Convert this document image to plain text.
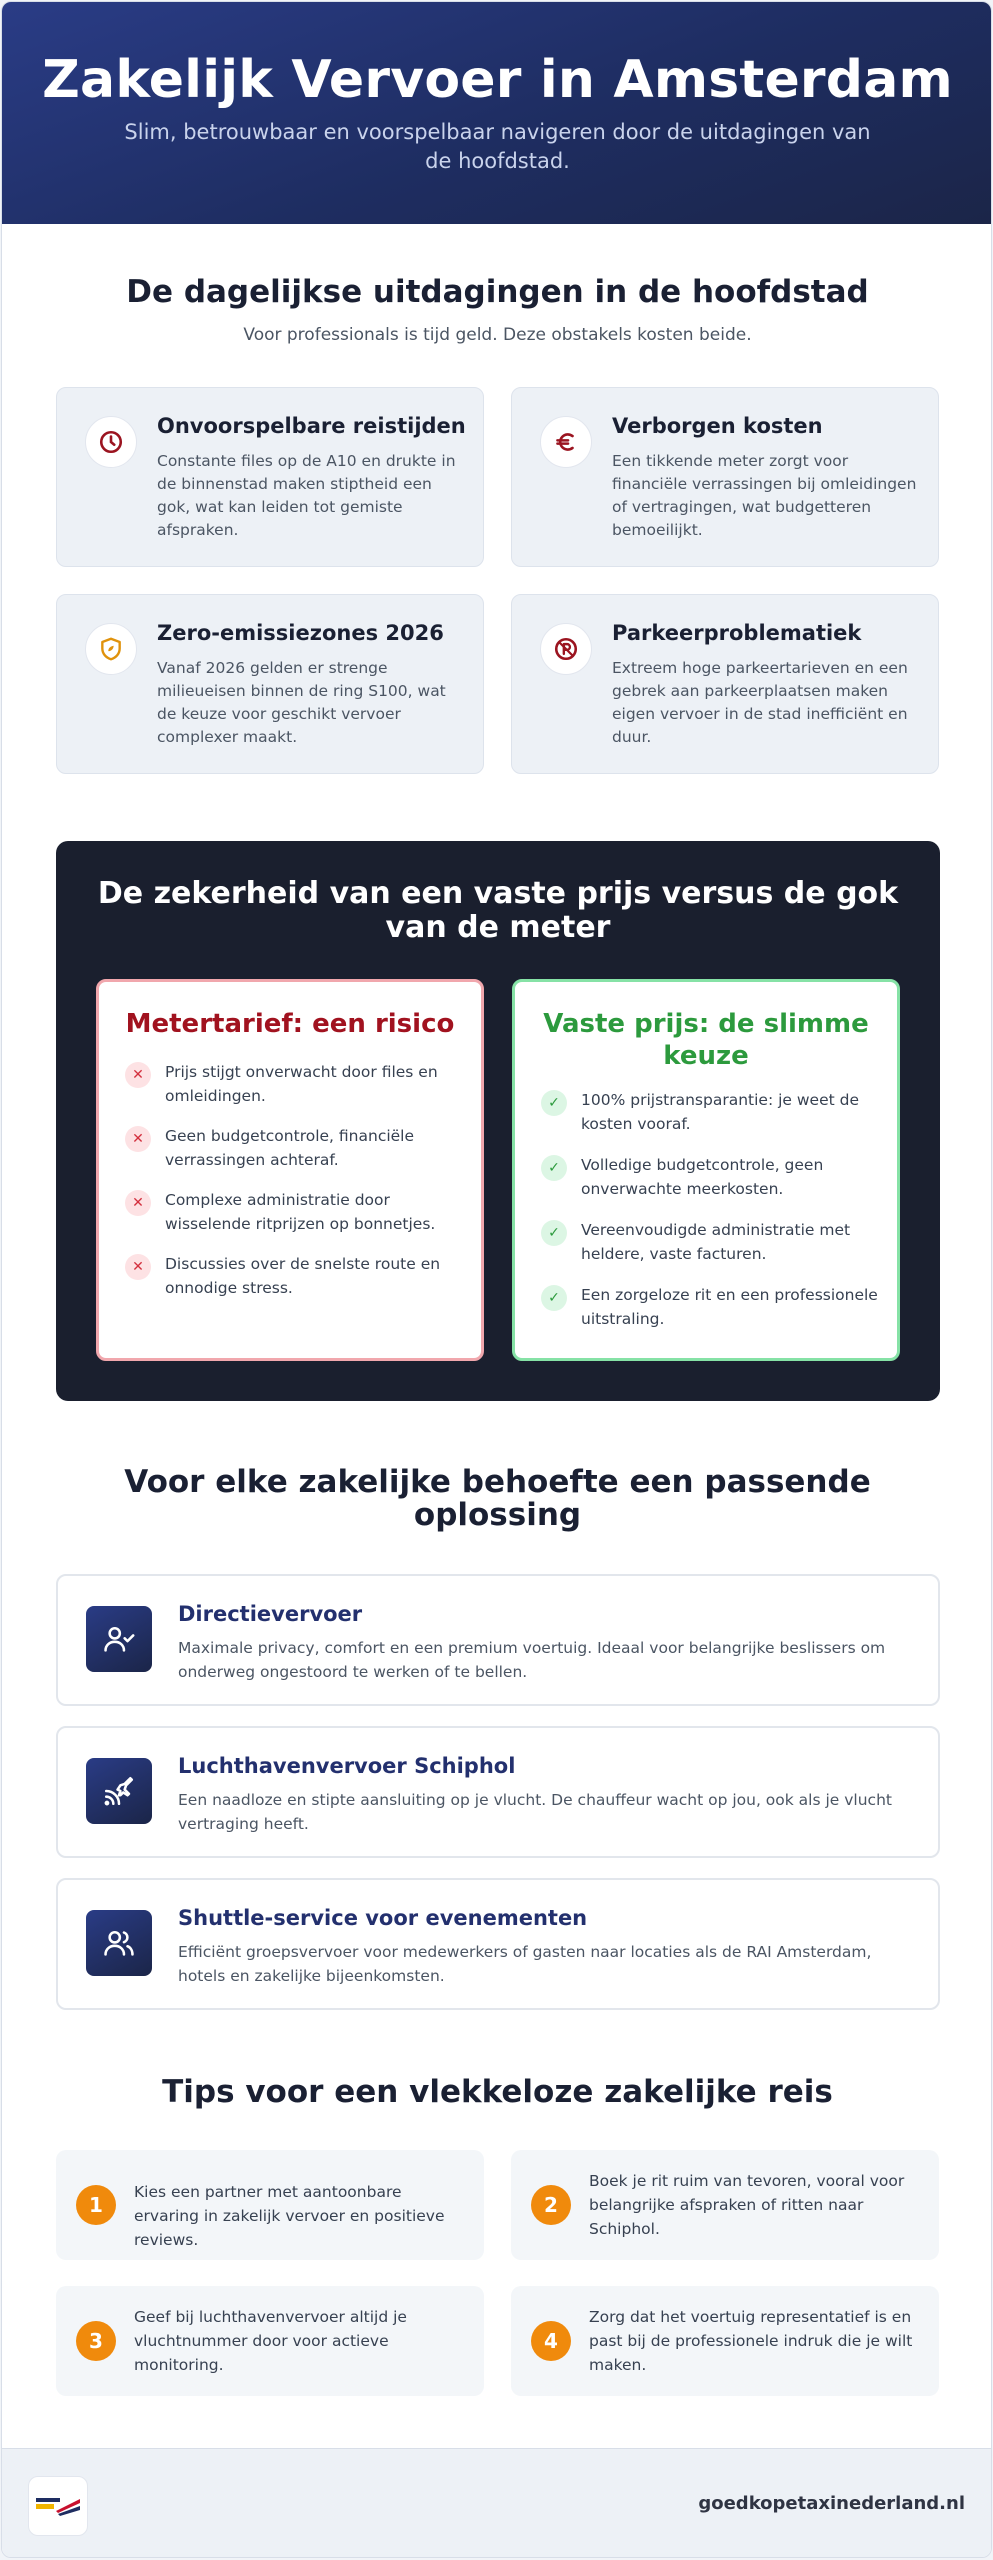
Zakelijk Vervoer in Amsterdam

Slim, betrouwbaar en voorspelbaar navigeren door de uitdagingen van de hoofdstad.

De dagelijkse uitdagingen in de hoofdstad

Voor professionals is tijd geld. Deze obstakels kosten beide.

Onvoorspelbare reistijden

Constante files op de A10 en drukte in de binnenstad maken stiptheid een gok, wat kan leiden tot gemiste afspraken.

Verborgen kosten

Een tikkende meter zorgt voor financiële verrassingen bij omleidingen of vertragingen, wat budgetteren bemoeilijkt.

Zero-emissiezones 2026

Vanaf 2026 gelden er strenge milieueisen binnen de ring S100, wat de keuze voor geschikt vervoer complexer maakt.

Parkeerproblematiek

Extreem hoge parkeertarieven en een gebrek aan parkeerplaatsen maken eigen vervoer in de stad inefficiënt en duur.

De zekerheid van een vaste prijs versus de gok van de meter
Metertarief: een risico
✕	Prijs stijgt onverwacht door files en omleidingen.
✕	Geen budgetcontrole, financiële verrassingen achteraf.
✕	Complexe administratie door wisselende ritprijzen op bonnetjes.
✕	Discussies over de snelste route en onnodige stress.
Vaste prijs: de slimme keuze
✓	100% prijstransparantie: je weet de kosten vooraf.
✓	Volledige budgetcontrole, geen onverwachte meerkosten.
✓	Vereenvoudigde administratie met heldere, vaste facturen.
✓	Een zorgeloze rit en een professionele uitstraling.
Voor elke zakelijke behoefte een passende oplossing
Directievervoer

Maximale privacy, comfort en een premium voertuig. Ideaal voor belangrijke beslissers om onderweg ongestoord te werken of te bellen.

Luchthavenvervoer Schiphol

Een naadloze en stipte aansluiting op je vlucht. De chauffeur wacht op jou, ook als je vlucht vertraging heeft.

Shuttle-service voor evenementen

Efficiënt groepsvervoer voor medewerkers of gasten naar locaties als de RAI Amsterdam, hotels en zakelijke bijeenkomsten.

Tips voor een vlekkeloze zakelijke reis
1

Kies een partner met aantoonbare ervaring in zakelijk vervoer en positieve reviews.

2

Boek je rit ruim van tevoren, vooral voor belangrijke afspraken of ritten naar Schiphol.

3

Geef bij luchthavenvervoer altijd je vluchtnummer door voor actieve monitoring.

4

Zorg dat het voertuig representatief is en past bij de professionele indruk die je wilt maken.

goedkopetaxinederland.nl
